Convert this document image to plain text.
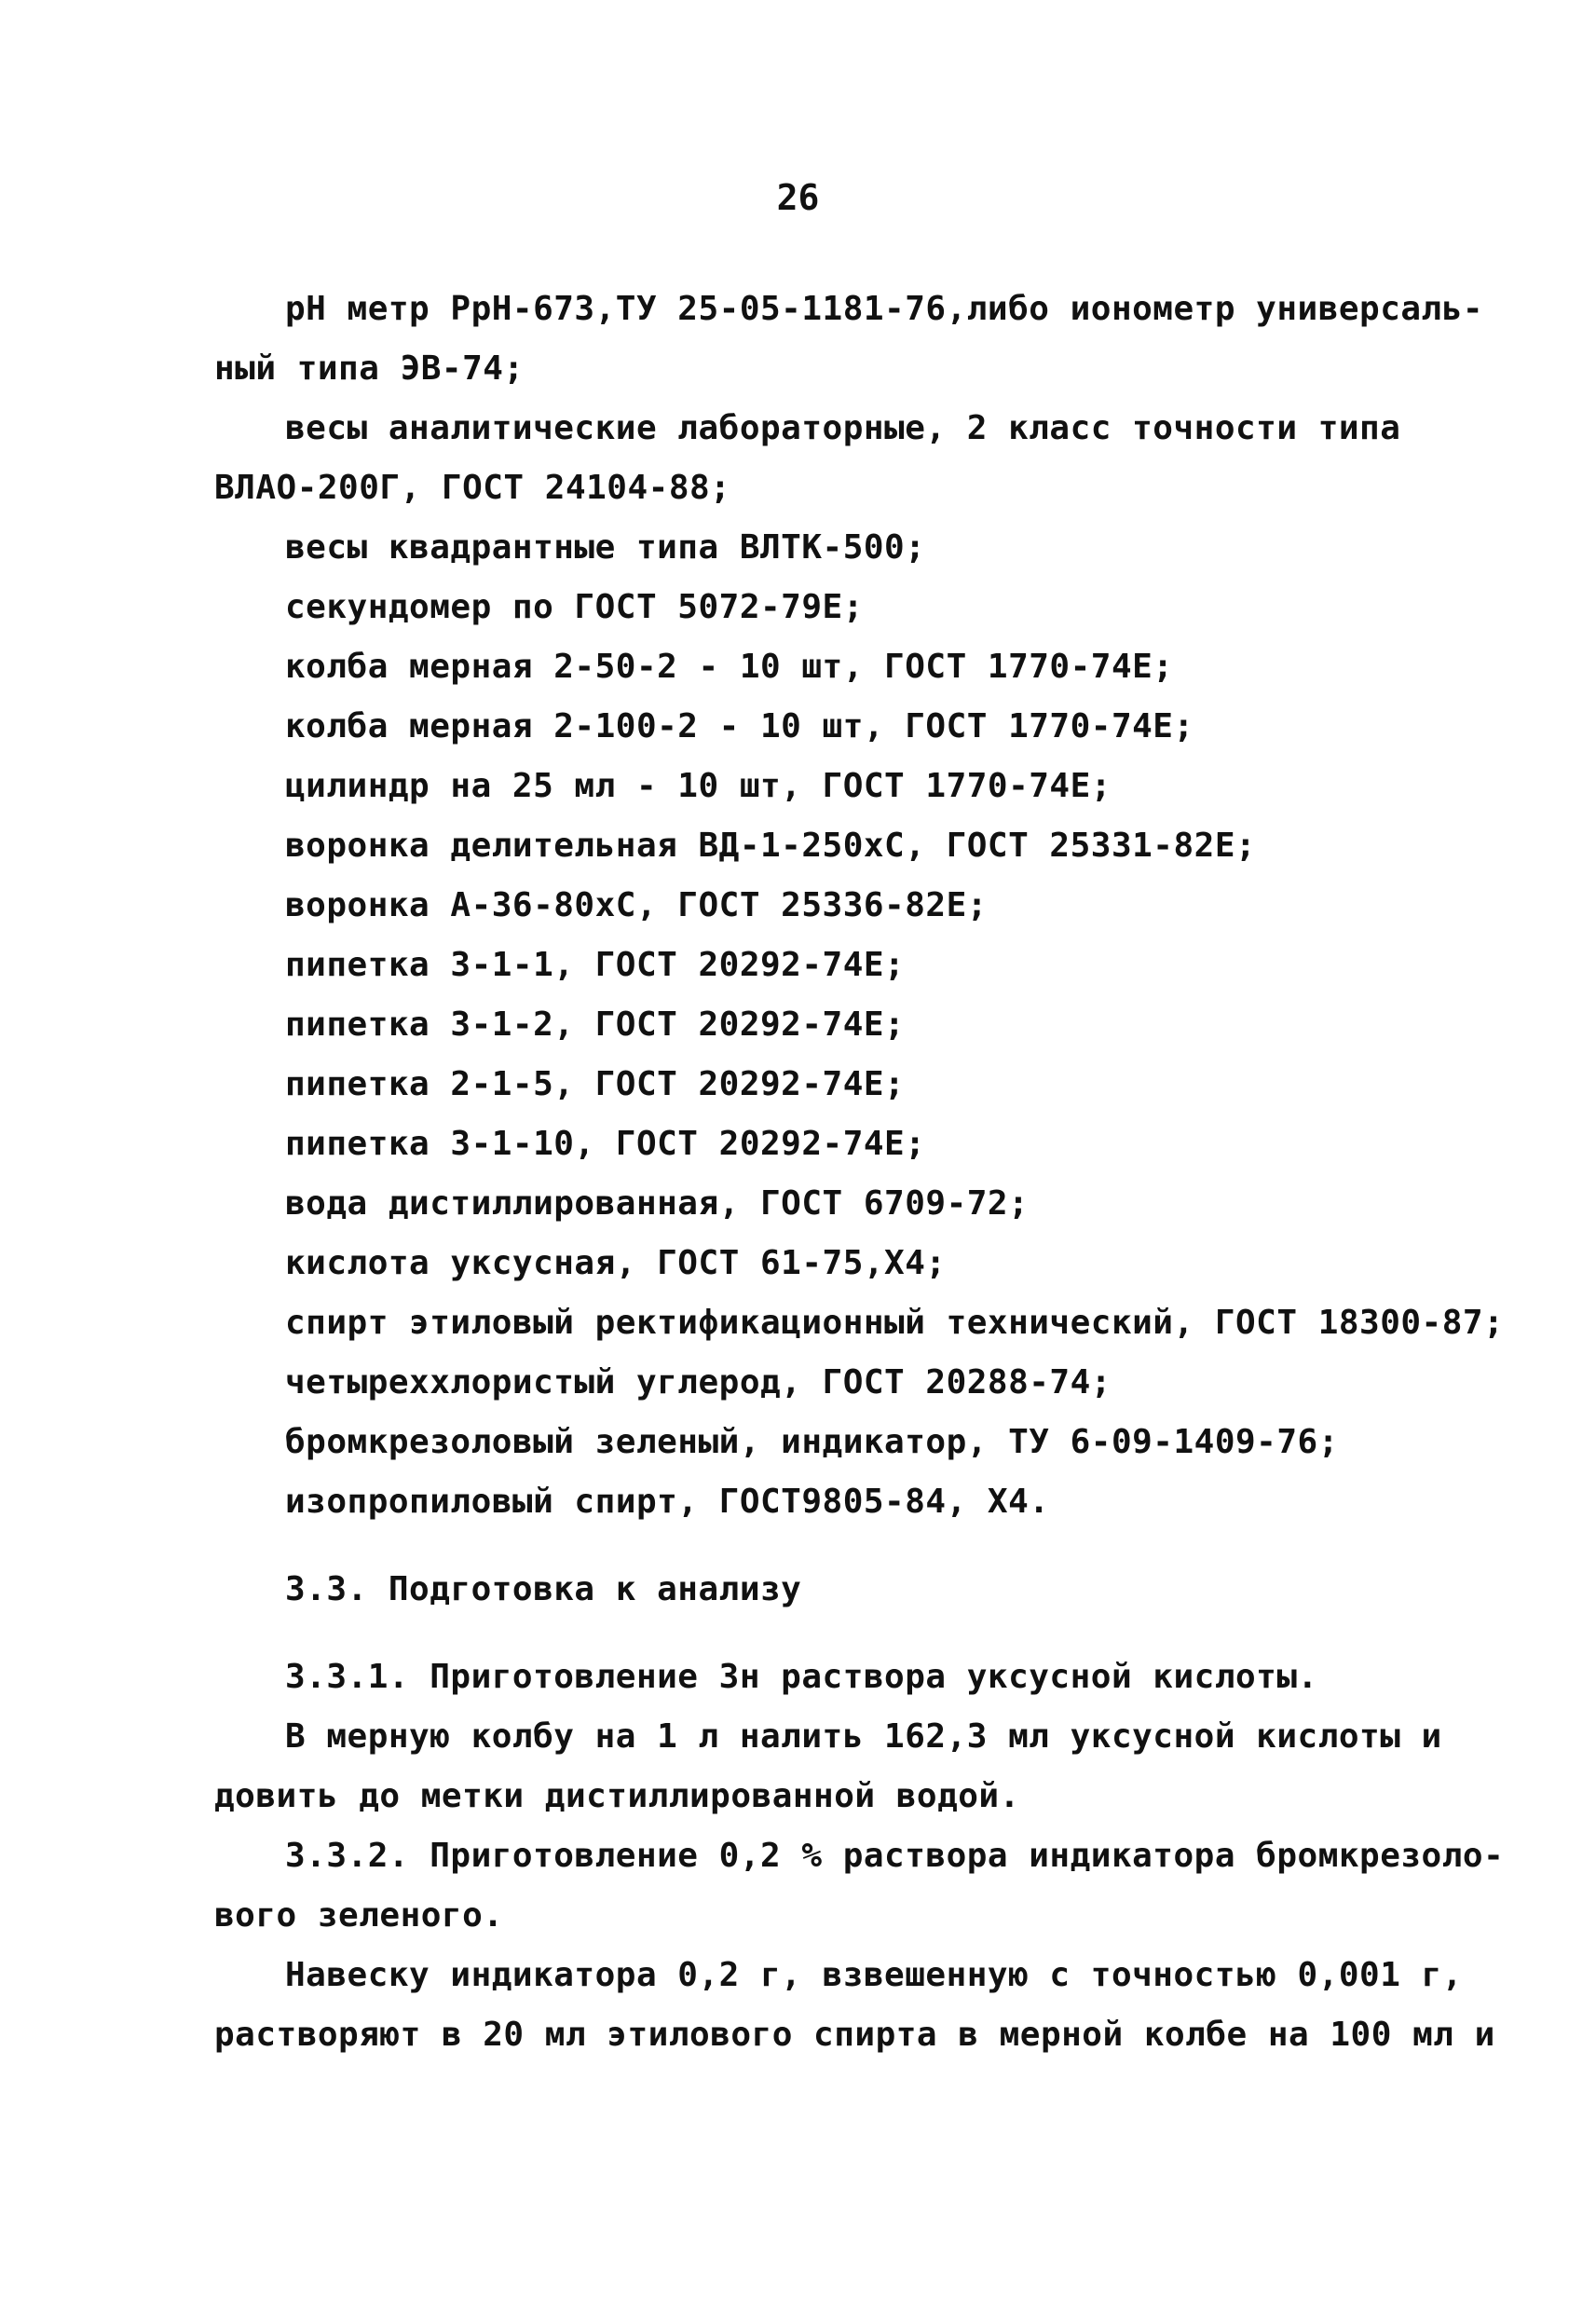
26
рН метр РрН-673,ТУ 25-05-1181-76,либо иономeтр универсаль-
ный типа ЭВ-74;
весы аналитические лабораторные, 2 класс точности типа
ВЛАО-200Г, ГОСТ 24104-88;
весы квадрантные типа ВЛТК-500;
секундомер по ГОСТ 5072-79Е;
колба мерная 2-50-2 - 10 шт, ГОСТ 1770-74Е;
колба мерная 2-100-2 - 10 шт, ГОСТ 1770-74Е;
цилиндр на 25 мл - 10 шт, ГОСТ 1770-74Е;
воронка делительная ВД-1-250хС, ГОСТ 25331-82Е;
воронка А-36-80хС, ГОСТ 25336-82Е;
пипетка 3-1-1, ГОСТ 20292-74Е;
пипетка 3-1-2, ГОСТ 20292-74Е;
пипетка 2-1-5, ГОСТ 20292-74Е;
пипетка 3-1-10, ГОСТ 20292-74Е;
вода дистиллированная, ГОСТ 6709-72;
кислота уксусная, ГОСТ 61-75,Х4;
спирт этиловый ректификационный технический, ГОСТ 18300-87;
четыреххлористый углерод, ГОСТ 20288-74;
бромкрезоловый зеленый, индикатор, ТУ 6-09-1409-76;
изопропиловый спирт, ГОСТ9805-84, Х4.
3.3. Подготовка к анализу
3.3.1. Приготовление 3н раствора уксусной кислоты.
В мерную колбу на 1 л налить 162,3 мл уксусной кислоты и
довить до метки дистиллированной водой.
3.3.2. Приготовление 0,2 % раствора индикатора бромкрезоло-
вого зеленого.
Навеску индикатора 0,2 г, взвешенную с точностью 0,001 г,
растворяют в 20 мл этилового спирта в мерной колбе на 100 мл и
